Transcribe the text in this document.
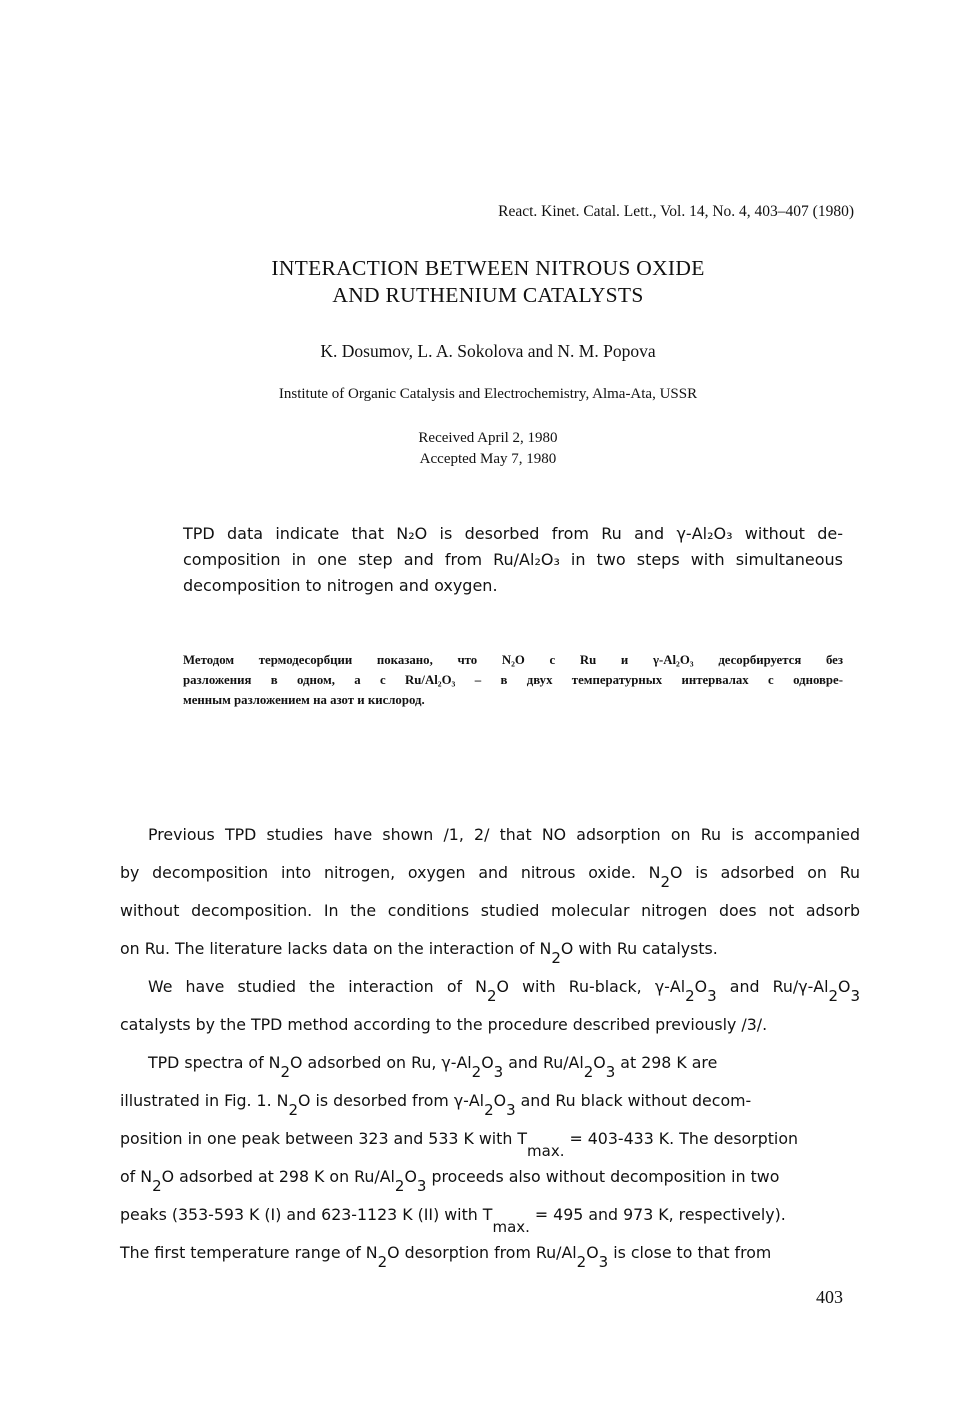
React. Kinet. Catal. Lett., Vol. 14, No. 4, 403–407 (1980)
INTERACTION BETWEEN NITROUS OXIDE
AND RUTHENIUM CATALYSTS
K. Dosumov, L. A. Sokolova and N. M. Popova
Institute of Organic Catalysis and Electrochemistry, Alma-Ata, USSR
Received April 2, 1980
Accepted May 7, 1980
TPD data indicate that N₂O is desorbed from Ru and γ-Al₂O₃ without de-
composition in one step and from Ru/Al₂O₃ in two steps with simultaneous
decomposition to nitrogen and oxygen.
Методом термодесорбции показано, что N₂O с Ru и γ-Al₂O₃ десорбируется без
разложения в одном, а с Ru/Al₂O₃ – в двух температурных интервалах с одновре-
менным разложением на азот и кислород.

Previous TPD studies have shown /1, 2/ that NO adsorption on Ru is accompanied
by decomposition into nitrogen, oxygen and nitrous oxide. N2O is adsorbed on Ru
without decomposition. In the conditions studied molecular nitrogen does not adsorb
on Ru. The literature lacks data on the interaction of N2O with Ru catalysts.

We have studied the interaction of N2O with Ru-black, γ-Al2O3 and Ru/γ-Al2O3
catalysts by the TPD method according to the procedure described previously /3/.

TPD spectra of N2O adsorbed on Ru, γ-Al2O3 and Ru/Al2O3 at 298 K are
illustrated in Fig. 1. N2O is desorbed from γ-Al2O3 and Ru black without decom-
position in one peak between 323 and 533 K with Tmax. = 403-433 K. The desorption
of N2O adsorbed at 298 K on Ru/Al2O3 proceeds also without decomposition in two
peaks (353-593 K (I) and 623-1123 K (II) with Tmax. = 495 and 973 K, respectively).
The first temperature range of N2O desorption from Ru/Al2O3 is close to that from

403
